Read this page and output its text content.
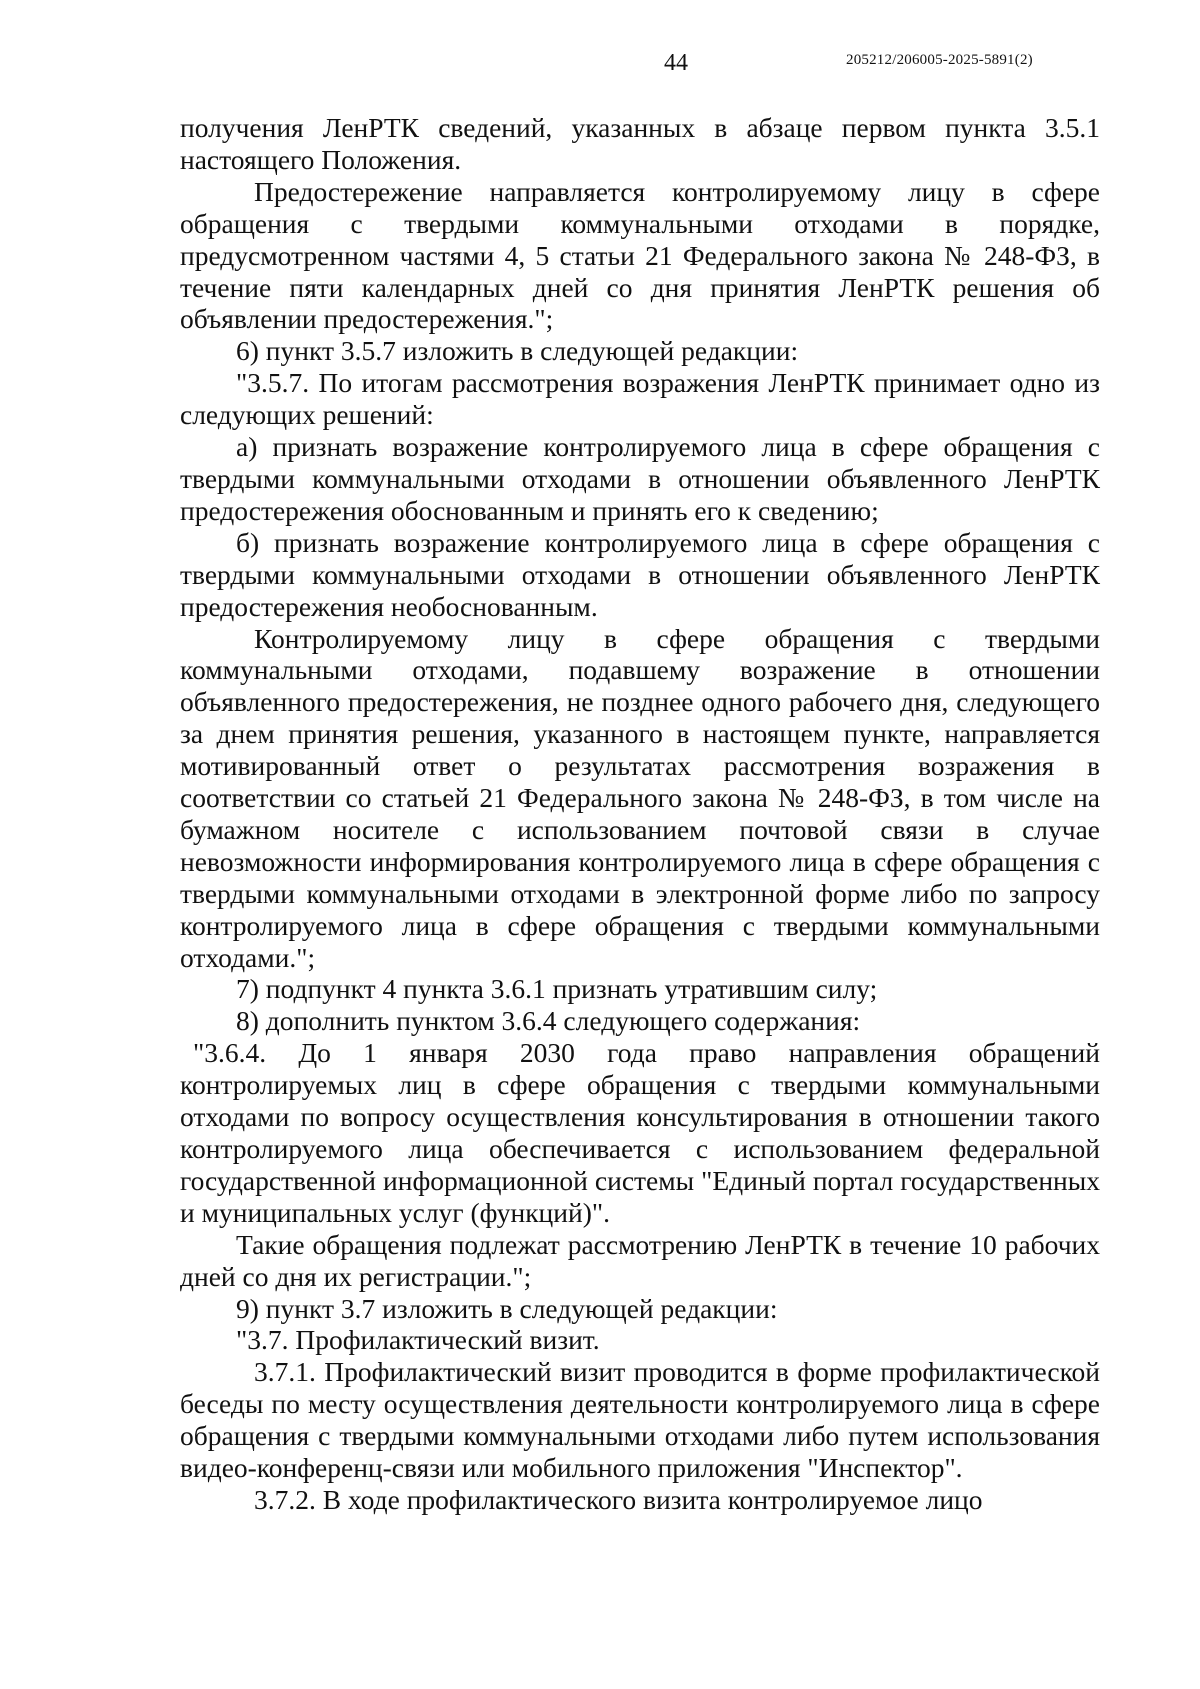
44	205212/206005-2025-5891(2)

получения ЛенРТК сведений, указанных в абзаце первом пункта 3.5.1 настоящего Положения.

Предостережение направляется контролируемому лицу в сфере обращения с твердыми коммунальными отходами в порядке, предусмотренном частями 4, 5 статьи 21 Федерального закона № 248-ФЗ, в течение пяти календарных дней со дня принятия ЛенРТК решения об объявлении предостережения.";

6) пункт 3.5.7 изложить в следующей редакции:

"3.5.7. По итогам рассмотрения возражения ЛенРТК принимает одно из следующих решений:

а) признать возражение контролируемого лица в сфере обращения с твердыми коммунальными отходами в отношении объявленного ЛенРТК предостережения обоснованным и принять его к сведению;

б) признать возражение контролируемого лица в сфере обращения с твердыми коммунальными отходами в отношении объявленного ЛенРТК предостережения необоснованным.

Контролируемому лицу в сфере обращения с твердыми коммунальными отходами, подавшему возражение в отношении объявленного предостережения, не позднее одного рабочего дня, следующего за днем принятия решения, указанного в настоящем пункте, направляется мотивированный ответ о результатах рассмотрения возражения в соответствии со статьей 21 Федерального закона № 248-ФЗ, в том числе на бумажном носителе с использованием почтовой связи в случае невозможности информирования контролируемого лица в сфере обращения с твердыми коммунальными отходами в электронной форме либо по запросу контролируемого лица в сфере обращения с твердыми коммунальными отходами.";

7) подпункт 4 пункта 3.6.1 признать утратившим силу;

8) дополнить пунктом 3.6.4 следующего содержания:

"3.6.4. До 1 января 2030 года право направления обращений контролируемых лиц в сфере обращения с твердыми коммунальными отходами по вопросу осуществления консультирования в отношении такого контролируемого лица обеспечивается с использованием федеральной государственной информационной системы "Единый портал государственных и муниципальных услуг (функций)".

Такие обращения подлежат рассмотрению ЛенРТК в течение 10 рабочих дней со дня их регистрации.";

9) пункт 3.7 изложить в следующей редакции:

"3.7. Профилактический визит.

3.7.1. Профилактический визит проводится в форме профилактической беседы по месту осуществления деятельности контролируемого лица в сфере обращения с твердыми коммунальными отходами либо путем использования видео-конференц-связи или мобильного приложения "Инспектор".

3.7.2. В ходе профилактического визита контролируемое лицо
